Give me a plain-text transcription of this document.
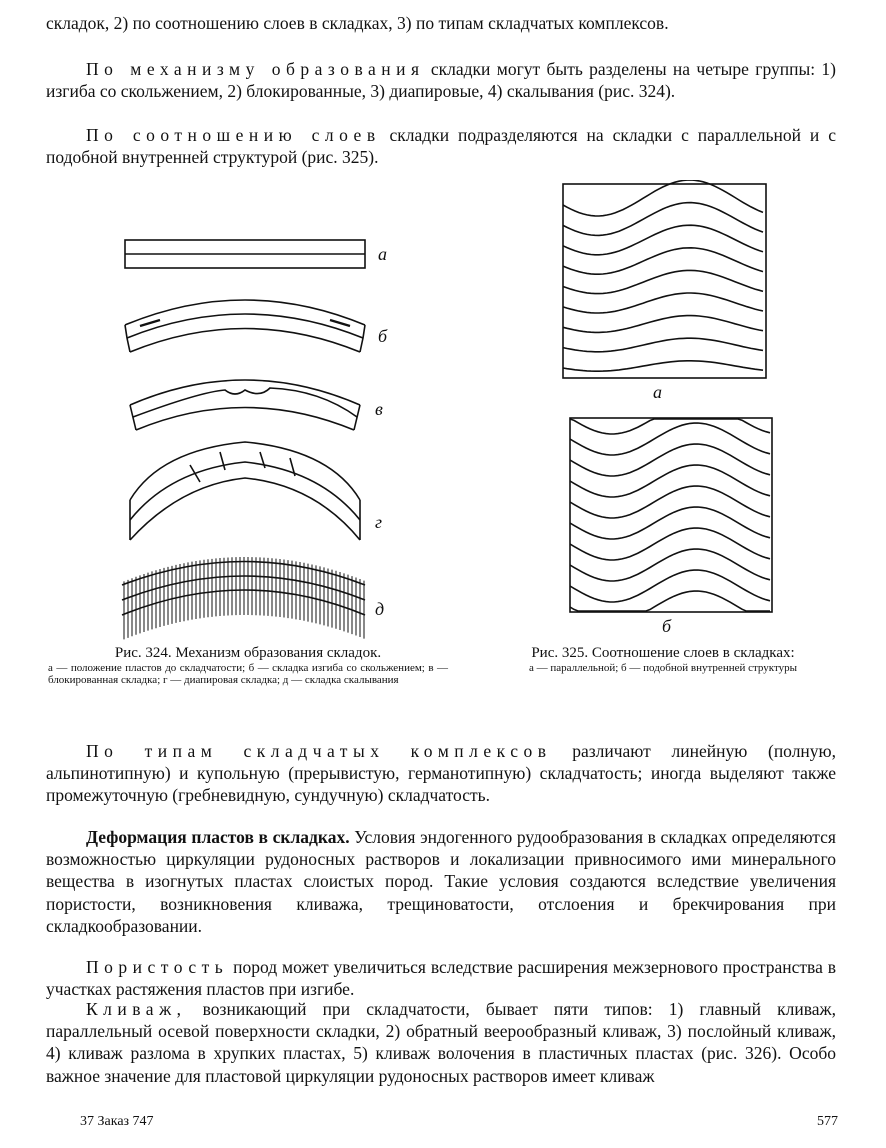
складок, 2) по соотношению слоев в складках, 3) по типам складчатых комплексов.

По механизму образования складки могут быть разделены на четыре группы: 1) изгиба со скольжением, 2) блокированные, 3) диапировые, 4) скалывания (рис. 324).

По соотношению слоев складки подразделяются на складки с параллельной и с подобной внутренней структурой (рис. 325).

а
б
в
г
д
а
б
Рис. 324. Механизм образования складок.
а — положение пластов до складчатости; б — складка изгиба со скольжением; в — блокированная складка; г — диапировая складка; д — складка скалывания
Рис. 325. Соотношение слоев в складках:
а — параллельной; б — подобной внутренней структуры

По типам складчатых комплексов различают линейную (полную, альпинотипную) и купольную (прерывистую, германотипную) складчатость; иногда выделяют также промежуточную (гребневидную, сундучную) складчатость.

Деформация пластов в складках. Условия эндогенного рудообразования в складках определяются возможностью циркуляции рудоносных растворов и локализации привносимого ими минерального вещества в изогнутых пластах слоистых пород. Такие условия создаются вследствие увеличения пористости, возникновения кливажа, трещиноватости, отслоения и брекчирования при складкообразовании.

Пористость пород может увеличиться вследствие расширения межзернового пространства в участках растяжения пластов при изгибе.

Кливаж, возникающий при складчатости, бывает пяти типов: 1) главный кливаж, параллельный осевой поверхности складки, 2) обратный веерообразный кливаж, 3) послойный кливаж, 4) кливаж разлома в хрупких пластах, 5) кливаж волочения в пластичных пластах (рис. 326). Особо важное значение для пластовой циркуляции рудоносных растворов имеет кливаж

37 Заказ 747	577
